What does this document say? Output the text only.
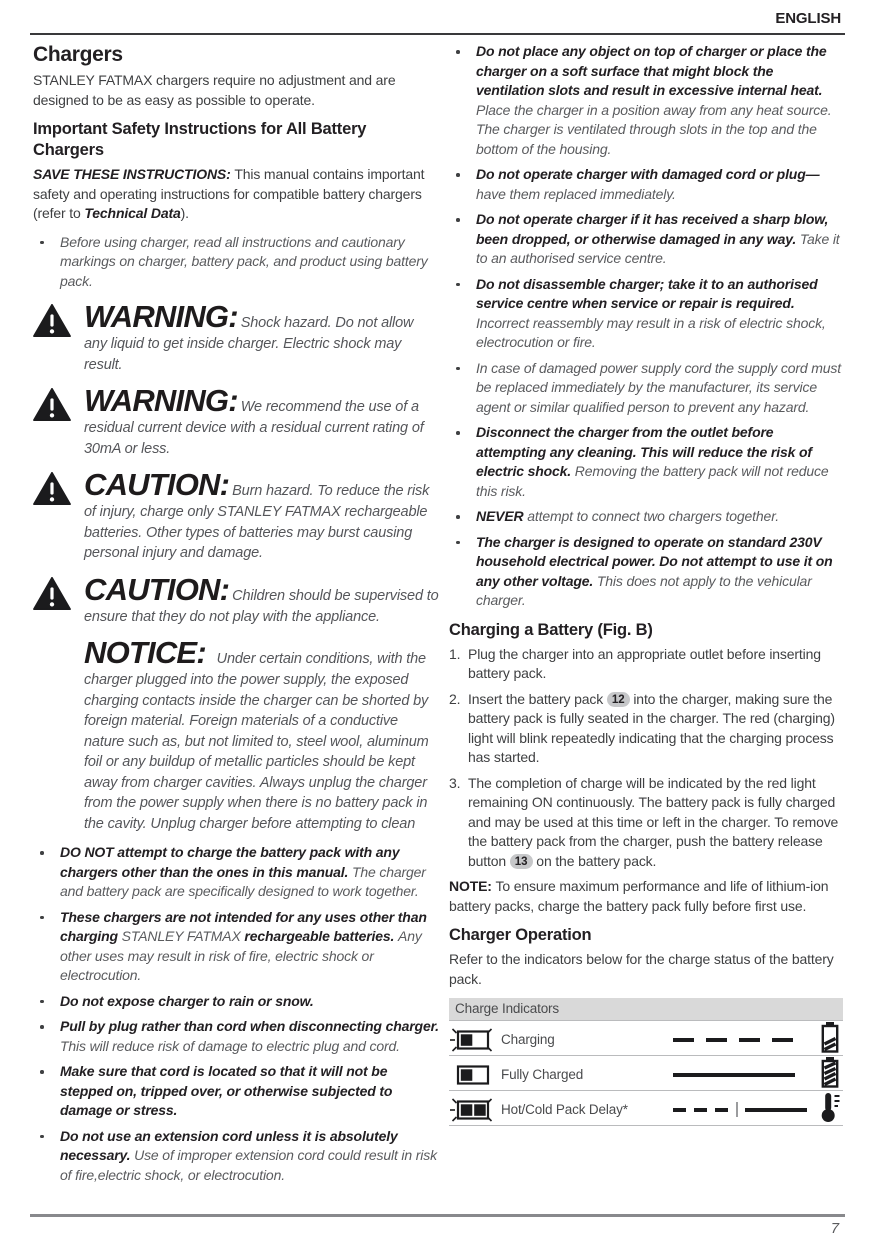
ENGLISH
Chargers

STANLEY FATMAX chargers require no adjustment and are designed to be as easy as possible to operate.

Important Safety Instructions for All Battery Chargers

SAVE THESE INSTRUCTIONS: This manual contains important safety and operating instructions for compatible battery chargers (refer to Technical Data).

Before using charger, read all instructions and cautionary markings on charger, battery pack, and product using battery pack.
WARNING: Shock hazard. Do not allow any liquid to get inside charger. Electric shock may result.
WARNING: We recommend the use of a residual current device with a residual current rating of 30mA or less.
CAUTION: Burn hazard. To reduce the risk of injury, charge only STANLEY FATMAX rechargeable batteries. Other types of batteries may burst causing personal injury and damage.
CAUTION: Children should be supervised to ensure that they do not play with the appliance.
NOTICE: Under certain conditions, with the charger plugged into the power supply, the exposed charging contacts inside the charger can be shorted by foreign material. Foreign materials of a conductive nature such as, but not limited to, steel wool, aluminum foil or any buildup of metallic particles should be kept away from charger cavities. Always unplug the charger from the power supply when there is no battery pack in the cavity. Unplug charger before attempting to clean
DO NOT attempt to charge the battery pack with any chargers other than the ones in this manual. The charger and battery pack are specifically designed to work together.
These chargers are not intended for any uses other than charging STANLEY FATMAX rechargeable batteries. Any other uses may result in risk of fire, electric shock or electrocution.
Do not expose charger to rain or snow.
Pull by plug rather than cord when disconnecting charger. This will reduce risk of damage to electric plug and cord.
Make sure that cord is located so that it will not be stepped on, tripped over, or otherwise subjected to damage or stress.
Do not use an extension cord unless it is absolutely necessary. Use of improper extension cord could result in risk of fire,electric shock, or electrocution.
Do not place any object on top of charger or place the charger on a soft surface that might block the ventilation slots and result in excessive internal heat. Place the charger in a position away from any heat source. The charger is ventilated through slots in the top and the bottom of the housing.
Do not operate charger with damaged cord or plug—have them replaced immediately.
Do not operate charger if it has received a sharp blow, been dropped, or otherwise damaged in any way. Take it to an authorised service centre.
Do not disassemble charger; take it to an authorised service centre when service or repair is required. Incorrect reassembly may result in a risk of electric shock, electrocution or fire.
In case of damaged power supply cord the supply cord must be replaced immediately by the manufacturer, its service agent or similar qualified person to prevent any hazard.
Disconnect the charger from the outlet before attempting any cleaning. This will reduce the risk of electric shock. Removing the battery pack will not reduce this risk.
NEVER attempt to connect two chargers together.
The charger is designed to operate on standard 230V household electrical power. Do not attempt to use it on any other voltage. This does not apply to the vehicular charger.
Charging a Battery (Fig. B)
1. Plug the charger into an appropriate outlet before inserting battery pack.
2. Insert the battery pack 12 into the charger, making sure the battery pack is fully seated in the charger. The red (charging) light will blink repeatedly indicating that the charging process has started.
3. The completion of charge will be indicated by the red light remaining ON continuously. The battery pack is fully charged and may be used at this time or left in the charger. To remove the battery pack from the charger, push the battery release button 13 on the battery pack.

NOTE: To ensure maximum performance and life of lithium-ion battery packs, charge the battery pack fully before first use.

Charger Operation

Refer to the indicators below for the charge status of the battery pack.

Charge Indicators
Charging
Fully Charged
Hot/Cold Pack Delay*
7
